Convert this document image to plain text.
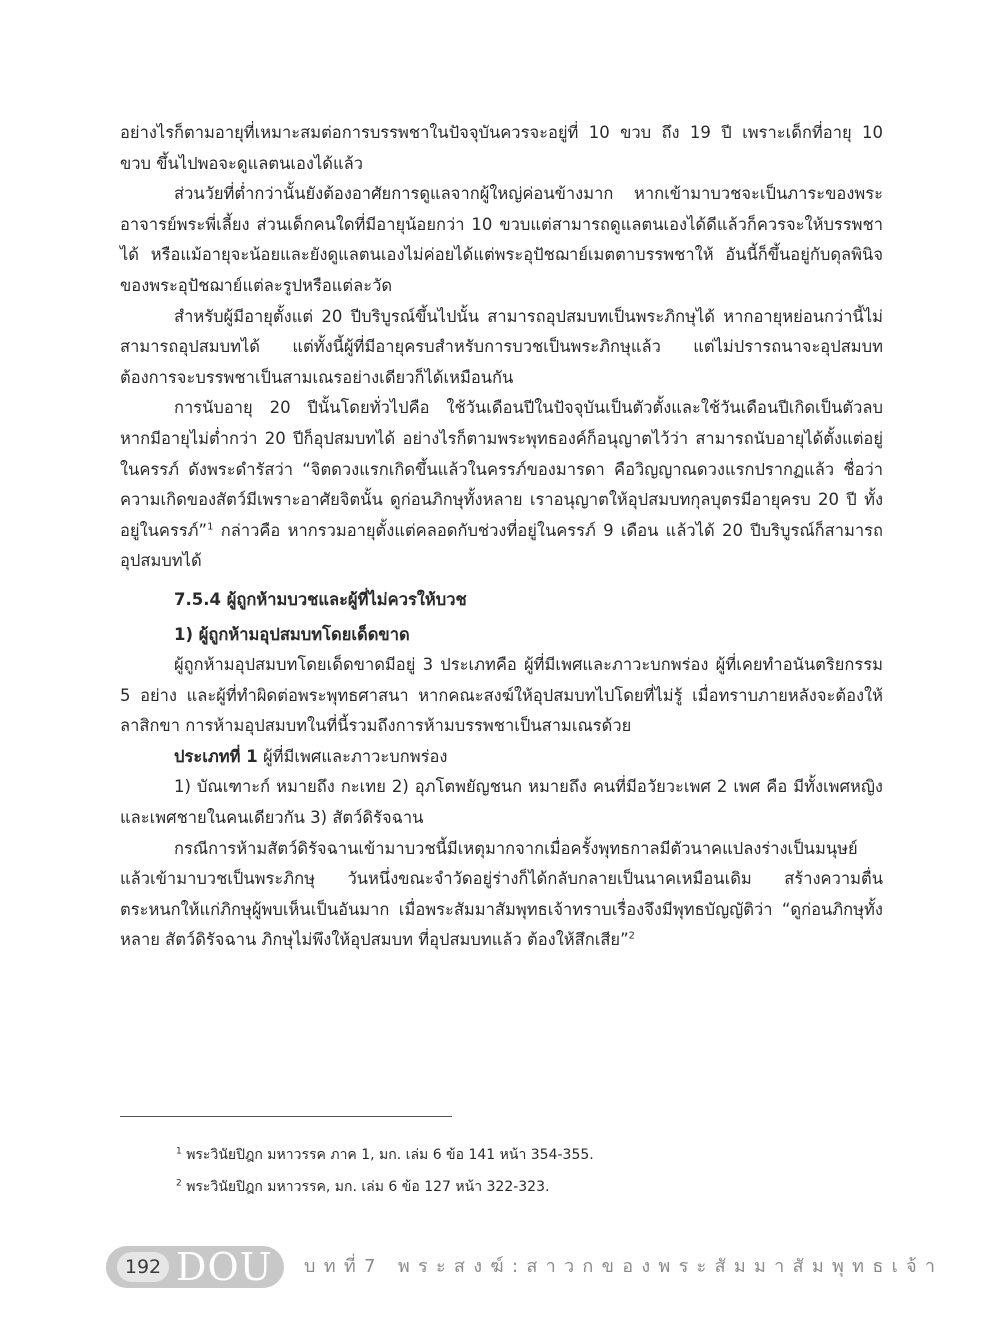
อย่างไรก็ตามอายุที่เหมาะสมต่อการบรรพชาในปัจจุบันควรจะอยู่ที่ 10 ขวบ ถึง 19 ปี เพราะเด็กที่อายุ 10 ขวบ ขึ้นไปพอจะดูแลตนเองได้แล้ว

ส่วนวัยที่ต่ำกว่านั้นยังต้องอาศัยการดูแลจากผู้ใหญ่ค่อนข้างมาก หากเข้ามาบวชจะเป็นภาระของพระอาจารย์พระพี่เลี้ยง ส่วนเด็กคนใดที่มีอายุน้อยกว่า 10 ขวบแต่สามารถดูแลตนเองได้ดีแล้วก็ควรจะให้บรรพชาได้ หรือแม้อายุจะน้อยและยังดูแลตนเองไม่ค่อยได้แต่พระอุปัชฌาย์เมตตาบรรพชาให้ อันนี้ก็ขึ้นอยู่กับดุลพินิจของพระอุปัชฌาย์แต่ละรูปหรือแต่ละวัด

สำหรับผู้มีอายุตั้งแต่ 20 ปีบริบูรณ์ขึ้นไปนั้น สามารถอุปสมบทเป็นพระภิกษุได้ หากอายุหย่อนกว่านี้ไม่สามารถอุปสมบทได้ แต่ทั้งนี้ผู้ที่มีอายุครบสำหรับการบวชเป็นพระภิกษุแล้ว แต่ไม่ปรารถนาจะอุปสมบท ต้องการจะบรรพชาเป็นสามเณรอย่างเดียวก็ได้เหมือนกัน

การนับอายุ 20 ปีนั้นโดยทั่วไปคือ ใช้วันเดือนปีในปัจจุบันเป็นตัวตั้งและใช้วันเดือนปีเกิดเป็นตัวลบ หากมีอายุไม่ต่ำกว่า 20 ปีก็อุปสมบทได้ อย่างไรก็ตามพระพุทธองค์ก็อนุญาตไว้ว่า สามารถนับอายุได้ตั้งแต่อยู่ในครรภ์ ดังพระดำรัสว่า “จิตดวงแรกเกิดขึ้นแล้วในครรภ์ของมารดา คือวิญญาณดวงแรกปรากฏแล้ว ชื่อว่า ความเกิดของสัตว์มีเพราะอาศัยจิตนั้น ดูก่อนภิกษุทั้งหลาย เราอนุญาตให้อุปสมบทกุลบุตรมีอายุครบ 20 ปี ทั้งอยู่ในครรภ์”$^1$ กล่าวคือ หากรวมอายุตั้งแต่คลอดกับช่วงที่อยู่ในครรภ์ 9 เดือน แล้วได้ 20 ปีบริบูรณ์ก็สามารถอุปสมบทได้

7.5.4 ผู้ถูกห้ามบวชและผู้ที่ไม่ควรให้บวช

1) ผู้ถูกห้ามอุปสมบทโดยเด็ดขาด

ผู้ถูกห้ามอุปสมบทโดยเด็ดขาดมีอยู่ 3 ประเภทคือ ผู้ที่มีเพศและภาวะบกพร่อง ผู้ที่เคยทำอนันตริยกรรม 5 อย่าง และผู้ที่ทำผิดต่อพระพุทธศาสนา หากคณะสงฆ์ให้อุปสมบทไปโดยที่ไม่รู้ เมื่อทราบภายหลังจะต้องให้ลาสิกขา การห้ามอุปสมบทในที่นี้รวมถึงการห้ามบรรพชาเป็นสามเณรด้วย

ประเภทที่ 1 ผู้ที่มีเพศและภาวะบกพร่อง

1) บัณเฑาะก์ หมายถึง กะเทย 2) อุภโตพยัญชนก หมายถึง คนที่มีอวัยวะเพศ 2 เพศ คือ มีทั้งเพศหญิงและเพศชายในคนเดียวกัน 3) สัตว์ดิรัจฉาน

กรณีการห้ามสัตว์ดิรัจฉานเข้ามาบวชนี้มีเหตุมากจากเมื่อครั้งพุทธกาลมีตัวนาคแปลงร่างเป็นมนุษย์แล้วเข้ามาบวชเป็นพระภิกษุ วันหนึ่งขณะจำวัดอยู่ร่างก็ได้กลับกลายเป็นนาคเหมือนเดิม สร้างความตื่นตระหนกให้แก่ภิกษุผู้พบเห็นเป็นอันมาก เมื่อพระสัมมาสัมพุทธเจ้าทราบเรื่องจึงมีพุทธบัญญัติว่า “ดูก่อนภิกษุทั้งหลาย สัตว์ดิรัจฉาน ภิกษุไม่พึงให้อุปสมบท ที่อุปสมบทแล้ว ต้องให้สึกเสีย”$^2$

$^1$ พระวินัยปิฎก มหาวรรค ภาค 1, มก. เล่ม 6 ข้อ 141 หน้า 354-355.
$^2$ พระวินัยปิฎก มหาวรรค, มก. เล่ม 6 ข้อ 127 หน้า 322-323.
192 DOU บทที่7 พระสงฆ์:สาวกของพระสัมมาสัมพุทธเจ้า
